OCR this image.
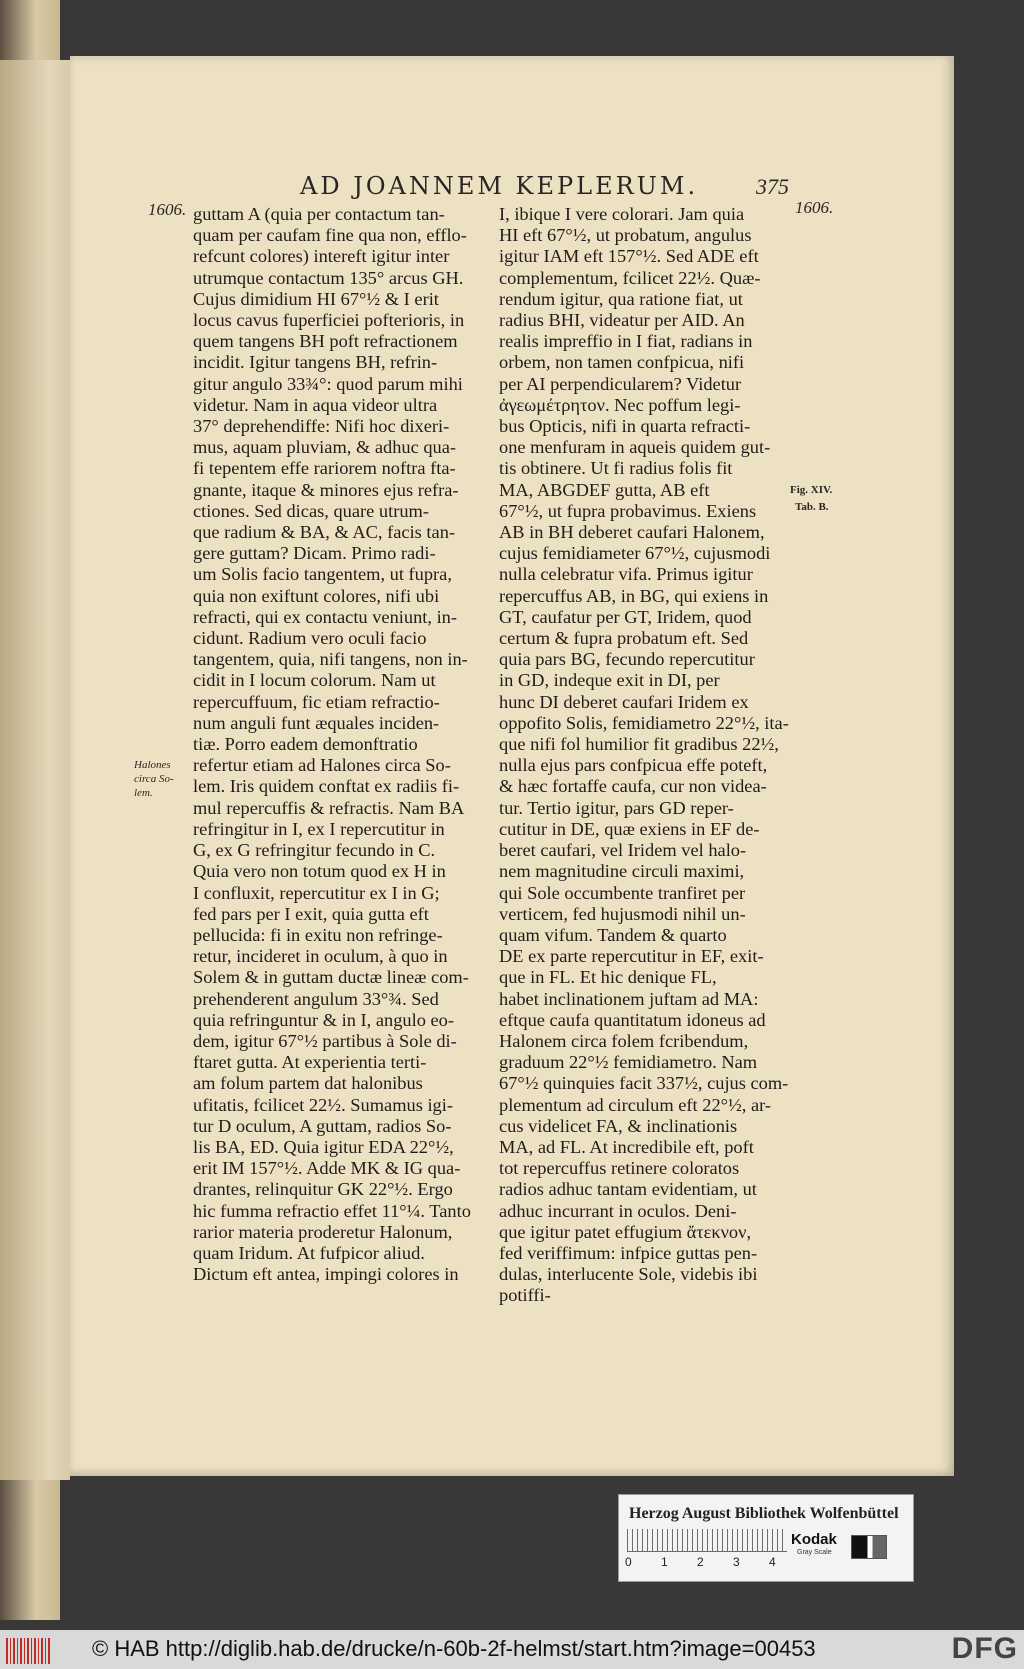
AD JOANNEM KEPLERUM.	375
1606.	1606.
Halones
circa So-
lem.
Fig. XIV.
Tab. B.
guttam A (quia per contactum tan-
quam per caufam fine qua non, efflo-
refcunt colores) intereft igitur inter
utrumque contactum 135° arcus GH.
Cujus dimidium HI 67°½ & I erit
locus cavus fuperficiei pofterioris, in
quem tangens BH poft refractionem
incidit. Igitur tangens BH, refrin-
gitur angulo 33¾°: quod parum mihi
videtur. Nam in aqua videor ultra
37° deprehendiffe: Nifi hoc dixeri-
mus, aquam pluviam, & adhuc qua-
fi tepentem effe rariorem noftra fta-
gnante, itaque & minores ejus refra-
ctiones. Sed dicas, quare utrum-
que radium & BA, & AC, facis tan-
gere guttam? Dicam. Primo radi-
um Solis facio tangentem, ut fupra,
quia non exiftunt colores, nifi ubi
refracti, qui ex contactu veniunt, in-
cidunt. Radium vero oculi facio
tangentem, quia, nifi tangens, non in-
cidit in I locum colorum. Nam ut
repercuffuum, fic etiam refractio-
num anguli funt æquales inciden-
tiæ. Porro eadem demonftratio
refertur etiam ad Halones circa So-
lem. Iris quidem conftat ex radiis fi-
mul repercuffis & refractis. Nam BA
refringitur in I, ex I repercutitur in
G, ex G refringitur fecundo in C.
Quia vero non totum quod ex H in
I confluxit, repercutitur ex I in G;
fed pars per I exit, quia gutta eft
pellucida: fi in exitu non refringe-
retur, incideret in oculum, à quo in
Solem & in guttam ductæ lineæ com-
prehenderent angulum 33°¾. Sed
quia refringuntur & in I, angulo eo-
dem, igitur 67°½ partibus à Sole di-
ftaret gutta. At experientia terti-
am folum partem dat halonibus
ufitatis, fcilicet 22½. Sumamus igi-
tur D oculum, A guttam, radios So-
lis BA, ED. Quia igitur EDA 22°½,
erit IM 157°½. Adde MK & IG qua-
drantes, relinquitur GK 22°½. Ergo
hic fumma refractio effet 11°¼. Tanto
rarior materia proderetur Halonum,
quam Iridum. At fufpicor aliud.
Dictum eft antea, impingi colores in
I, ibique I vere colorari. Jam quia
HI eft 67°½, ut probatum, angulus
igitur IAM eft 157°½. Sed ADE eft
complementum, fcilicet 22½. Quæ-
rendum igitur, qua ratione fiat, ut
radius BHI, videatur per AID. An
realis impreffio in I fiat, radians in
orbem, non tamen confpicua, nifi
per AI perpendicularem? Videtur
ἀγεωμέτρητον. Nec poffum legi-
bus Opticis, nifi in quarta refracti-
one menfuram in aqueis quidem gut-
tis obtinere. Ut fi radius folis fit
MA, ABGDEF gutta, AB eft
67°½, ut fupra probavimus. Exiens
AB in BH deberet caufari Halonem,
cujus femidiameter 67°½, cujusmodi
nulla celebratur vifa. Primus igitur
repercuffus AB, in BG, qui exiens in
GT, caufatur per GT, Iridem, quod
certum & fupra probatum eft. Sed
quia pars BG, fecundo repercutitur
in GD, indeque exit in DI, per
hunc DI deberet caufari Iridem ex
oppofito Solis, femidiametro 22°½, ita-
que nifi fol humilior fit gradibus 22½,
nulla ejus pars confpicua effe poteft,
& hæc fortaffe caufa, cur non videa-
tur. Tertio igitur, pars GD reper-
cutitur in DE, quæ exiens in EF de-
beret caufari, vel Iridem vel halo-
nem magnitudine circuli maximi,
qui Sole occumbente tranfiret per
verticem, fed hujusmodi nihil un-
quam vifum. Tandem & quarto
DE ex parte repercutitur in EF, exit-
que in FL. Et hic denique FL,
habet inclinationem juftam ad MA:
eftque caufa quantitatum idoneus ad
Halonem circa folem fcribendum,
graduum 22°½ femidiametro. Nam
67°½ quinquies facit 337½, cujus com-
plementum ad circulum eft 22°½, ar-
cus videlicet FA, & inclinationis
MA, ad FL. At incredibile eft, poft
tot repercuffus retinere coloratos
radios adhuc tantam evidentiam, ut
adhuc incurrant in oculos. Deni-
que igitur patet effugium ἄτεκνον,
fed veriffimum: infpice guttas pen-
dulas, interlucente Sole, videbis ibi
potiffi-
Herzog August Bibliothek Wolfenbüttel
0 1 2 3 4
Kodak
Gray Scale
© HAB http://diglib.hab.de/drucke/n-60b-2f-helmst/start.htm?image=00453	DFG
